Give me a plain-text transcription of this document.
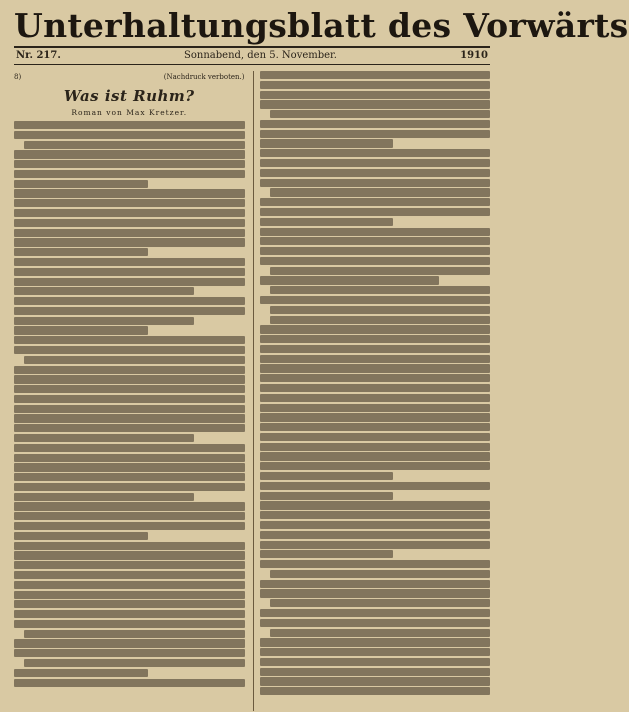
Unterhaltungsblatt des Vorwärts
Nr. 217.	Sonnabend, den 5. November.	1910
8)	(Nachdruck verboten.)
Was ist Ruhm?
Roman von Max Kretzer.
